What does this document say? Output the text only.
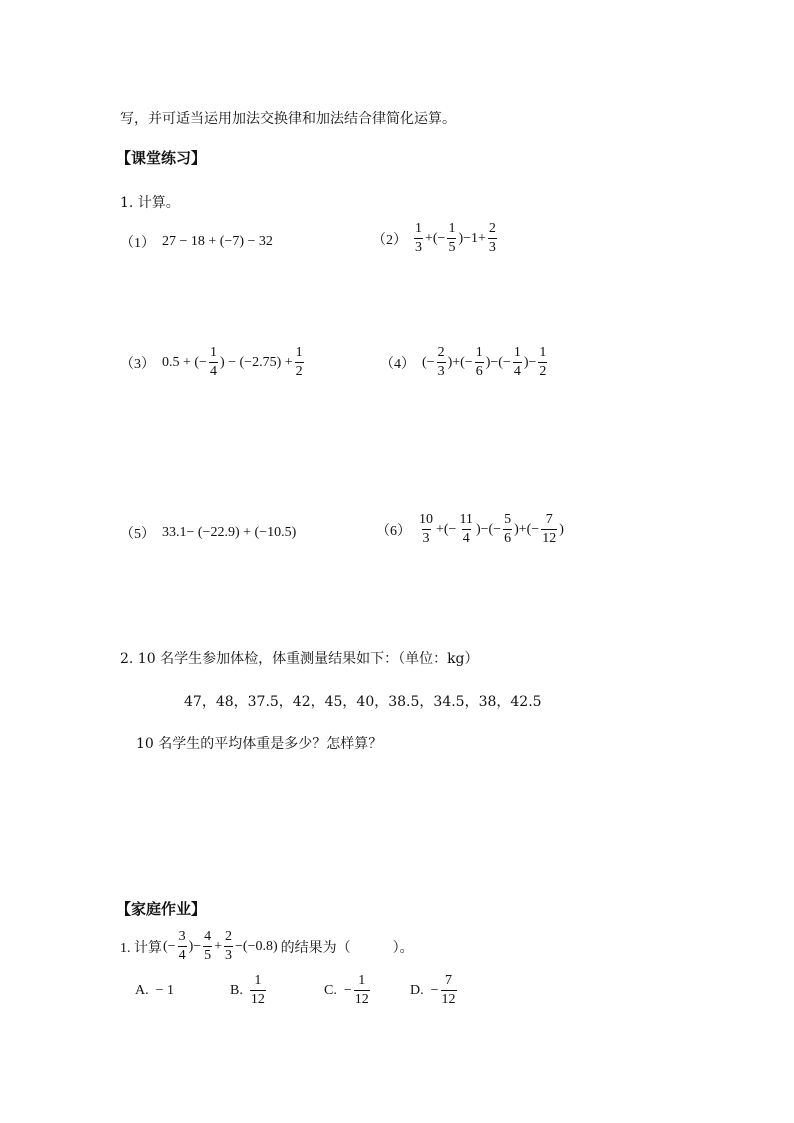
写，并可适当运用加法交换律和加法结合律简化运算。
【课堂练习】
1. 计算。
（1） 27 − 18 + (−7) − 32	$(2) \frac{1}{3}$ +(− $\frac{1}{5} )-1+ \frac{2}{3}$
（3） 0.5 + (− $\frac{1}{4}$ ) − $(-2.75) + \frac{1}{2}$	（4） (− $\frac{2}{3}$ )+(− $\frac{1}{6}$ )−(− $\frac{1}{4}$ )− $\frac{1}{2}$
（5） 33.1− (−22.9) + (−10.5)	$(6) \frac{10}{3}$ +(− $\frac{11}{4}$ )−(− $\frac{5}{6}$ )+(− $\frac{7}{12}$ )
2. 10 名学生参加体检，体重测量结果如下：（单位：kg）
47，48，37.5，42，45，40，38.5，34.5，38，42.5
10 名学生的平均体重是多少？怎样算？
【家庭作业】
1. 计算 (− $\frac{3}{4}$ )− $\frac{4}{5} + \frac{2}{3} -(-0.8)$ 的结果为（　　　）。
A. − 1	B. $\frac{1}{12}$	C. − $\frac{1}{12}$	D. − $\frac{7}{12}$
